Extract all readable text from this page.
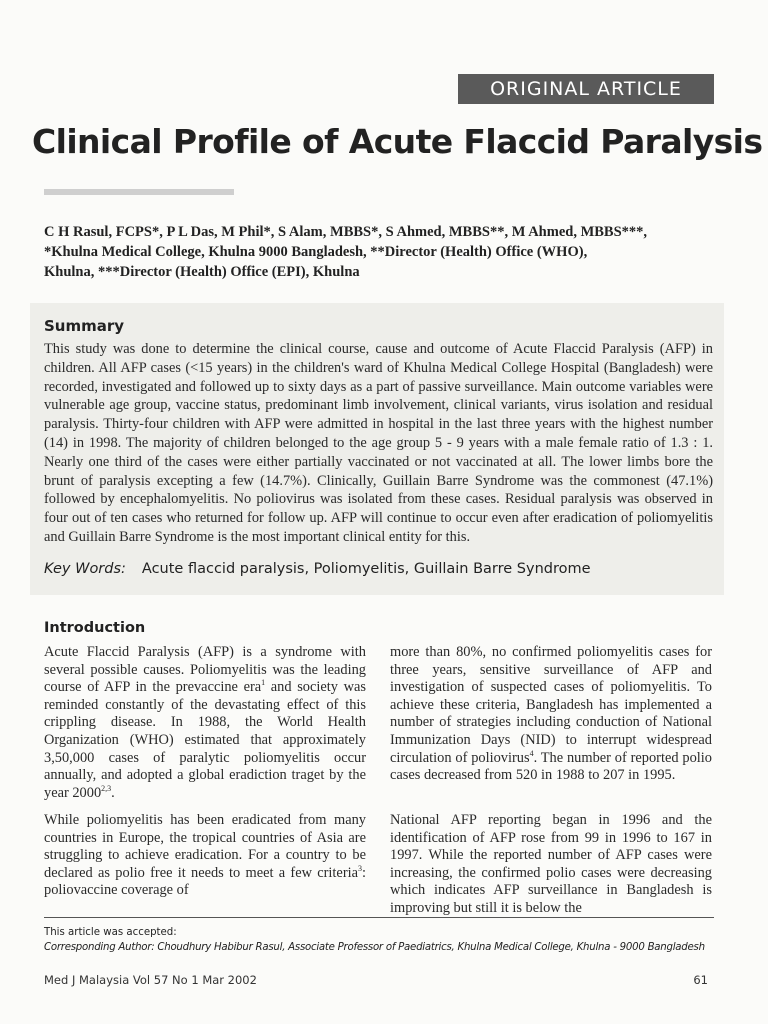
ORIGINAL ARTICLE
Clinical Profile of Acute Flaccid Paralysis
C H Rasul, FCPS*, P L Das, M Phil*, S Alam, MBBS*, S Ahmed, MBBS**, M Ahmed, MBBS***,
*Khulna Medical College, Khulna 9000 Bangladesh, **Director (Health) Office (WHO),
Khulna, ***Director (Health) Office (EPI), Khulna
Summary
This study was done to determine the clinical course, cause and outcome of Acute Flaccid Paralysis (AFP) in children. All AFP cases (<15 years) in the children's ward of Khulna Medical College Hospital (Bangladesh) were recorded, investigated and followed up to sixty days as a part of passive surveillance. Main outcome variables were vulnerable age group, vaccine status, predominant limb involvement, clinical variants, virus isolation and residual paralysis. Thirty-four children with AFP were admitted in hospital in the last three years with the highest number (14) in 1998. The majority of children belonged to the age group 5 - 9 years with a male female ratio of 1.3 : 1. Nearly one third of the cases were either partially vaccinated or not vaccinated at all. The lower limbs bore the brunt of paralysis excepting a few (14.7%). Clinically, Guillain Barre Syndrome was the commonest (47.1%) followed by encephalomyelitis. No poliovirus was isolated from these cases. Residual paralysis was observed in four out of ten cases who returned for follow up. AFP will continue to occur even after eradication of poliomyelitis and Guillain Barre Syndrome is the most important clinical entity for this.
Key Words: Acute flaccid paralysis, Poliomyelitis, Guillain Barre Syndrome
Introduction
Acute Flaccid Paralysis (AFP) is a syndrome with several possible causes. Poliomyelitis was the leading course of AFP in the prevaccine era$^1$ and society was reminded constantly of the devastating effect of this crippling disease. In 1988, the World Health Organization (WHO) estimated that approximately 3,50,000 cases of paralytic poliomyelitis occur annually, and adopted a global eradiction traget by the year 2000$^{2,3}$.
While poliomyelitis has been eradicated from many countries in Europe, the tropical countries of Asia are struggling to achieve eradication. For a country to be declared as polio free it needs to meet a few criteria$^3$: poliovaccine coverage of
more than 80%, no confirmed poliomyelitis cases for three years, sensitive surveillance of AFP and investigation of suspected cases of poliomyelitis. To achieve these criteria, Bangladesh has implemented a number of strategies including conduction of National Immunization Days (NID) to interrupt widespread circulation of poliovirus$^4$. The number of reported polio cases decreased from 520 in 1988 to 207 in 1995.
National AFP reporting began in 1996 and the identification of AFP rose from 99 in 1996 to 167 in 1997. While the reported number of AFP cases were increasing, the confirmed polio cases were decreasing which indicates AFP surveillance in Bangladesh is improving but still it is below the
This article was accepted:
Corresponding Author: Choudhury Habibur Rasul, Associate Professor of Paediatrics, Khulna Medical College, Khulna - 9000 Bangladesh
Med J Malaysia Vol 57 No 1 Mar 2002	61
